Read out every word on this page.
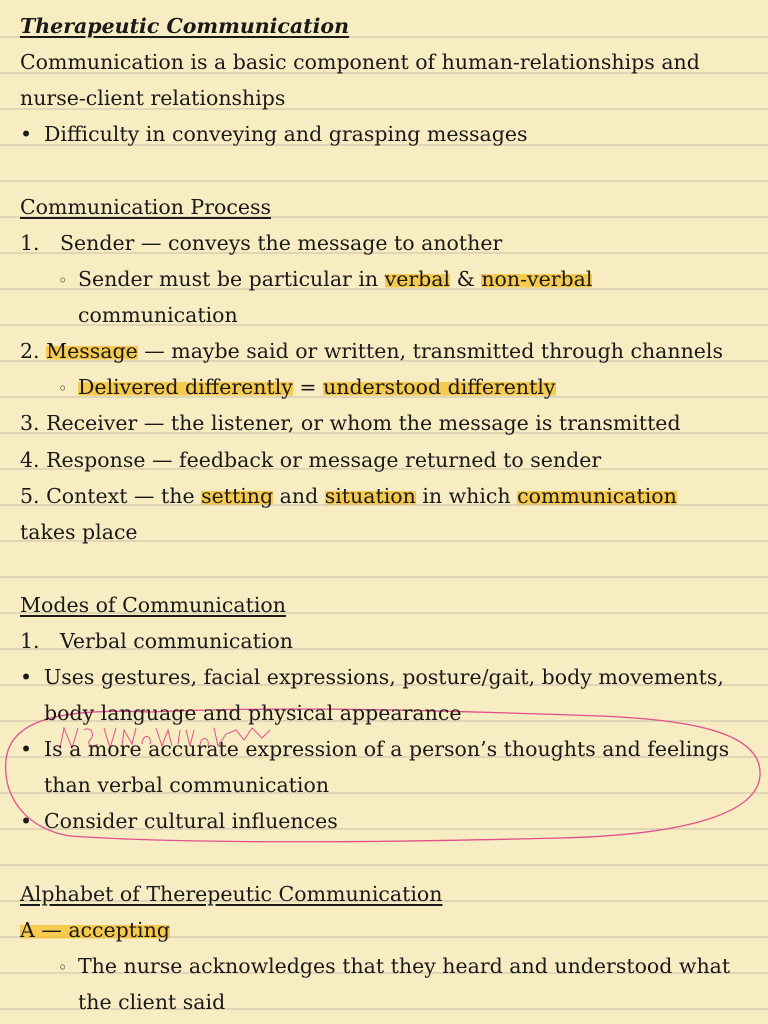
Therapeutic Communication
Communication is a basic component of human-relationships and
nurse-client relationships
• Difficulty in conveying and grasping messages
Communication Process
1. Sender — conveys the message to another
◦ Sender must be particular in verbal & non-verbal
communication
2. Message — maybe said or written, transmitted through channels
◦ Delivered differently = understood differently
3. Receiver — the listener, or whom the message is transmitted
4. Response — feedback or message returned to sender
5. Context — the setting and situation in which communication
takes place
Modes of Communication
1. Verbal communication
• Uses gestures, facial expressions, posture/gait, body movements,
body language and physical appearance
• Is a more accurate expression of a person’s thoughts and feelings
than verbal communication
• Consider cultural influences
Alphabet of Therepeutic Communication
A — accepting
◦ The nurse acknowledges that they heard and understood what
the client said
